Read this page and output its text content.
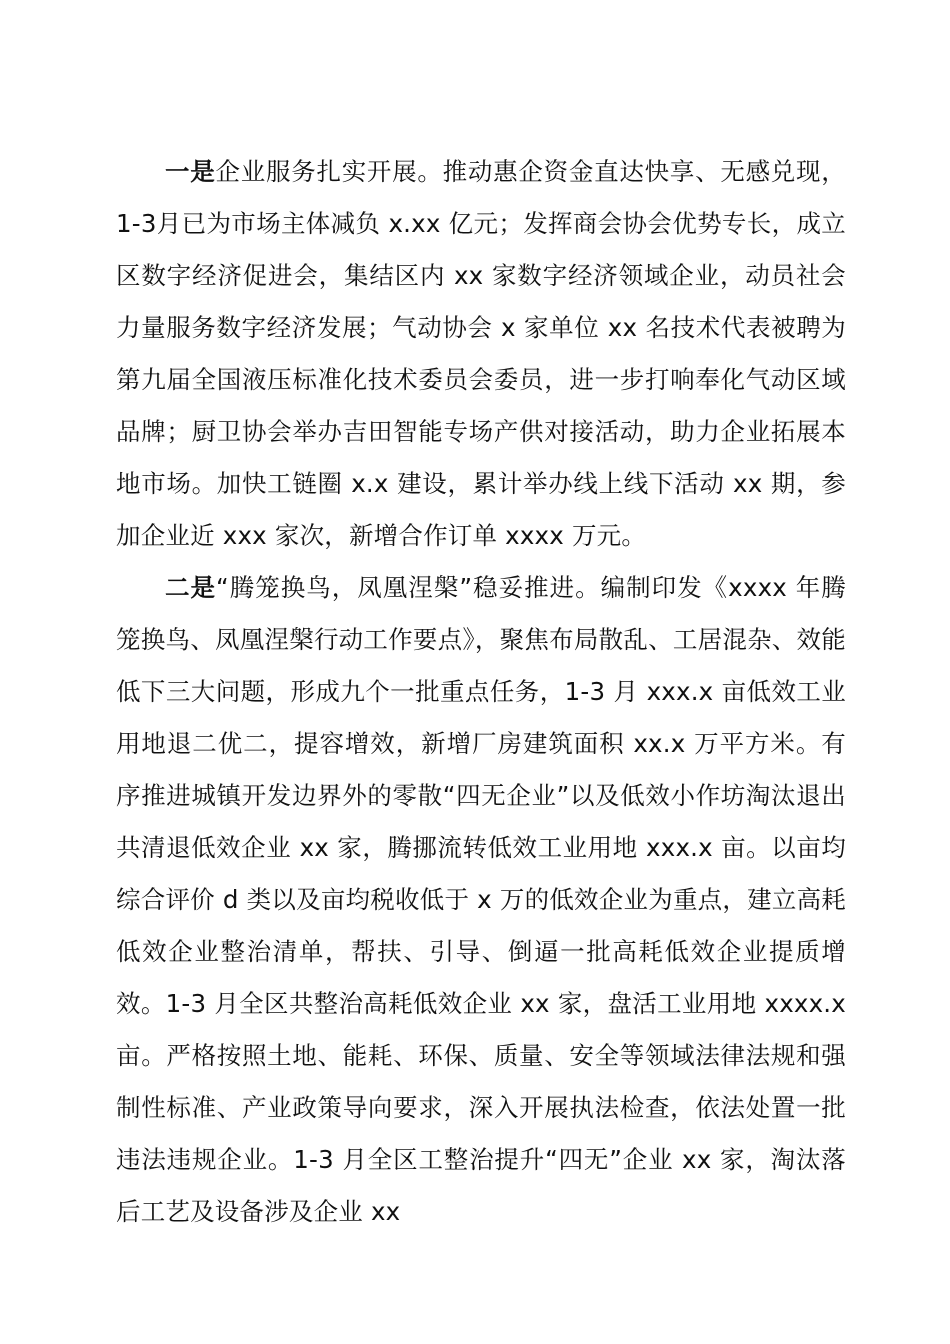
一是企业服务扎实开展。推动惠企资金直达快享、无感兑现，1-3月已为市场主体减负 x.xx 亿元；发挥商会协会优势专长，成立区数字经济促进会，集结区内 xx 家数字经济领域企业，动员社会力量服务数字经济发展；气动协会 x 家单位 xx 名技术代表被聘为第九届全国液压标准化技术委员会委员，进一步打响奉化气动区域品牌；厨卫协会举办吉田智能专场产供对接活动，助力企业拓展本地市场。加快工链圈 x.x 建设，累计举办线上线下活动 xx 期，参加企业近 xxx 家次，新增合作订单 xxxx 万元。

二是“腾笼换鸟，凤凰涅槃”稳妥推进。编制印发《xxxx 年腾笼换鸟、凤凰涅槃行动工作要点》，聚焦布局散乱、工居混杂、效能低下三大问题，形成九个一批重点任务，1-3 月 xxx.x 亩低效工业用地退二优二，提容增效，新增厂房建筑面积 xx.x 万平方米。有序推进城镇开发边界外的零散“四无企业”以及低效小作坊淘汰退出共清退低效企业 xx 家，腾挪流转低效工业用地 xxx.x 亩。以亩均综合评价 d 类以及亩均税收低于 x 万的低效企业为重点，建立高耗低效企业整治清单，帮扶、引导、倒逼一批高耗低效企业提质增效。1-3 月全区共整治高耗低效企业 xx 家，盘活工业用地 xxxx.x 亩。严格按照土地、能耗、环保、质量、安全等领域法律法规和强制性标准、产业政策导向要求，深入开展执法检查，依法处置一批违法违规企业。1-3 月全区工整治提升“四无”企业 xx 家，淘汰落后工艺及设备涉及企业 xx
